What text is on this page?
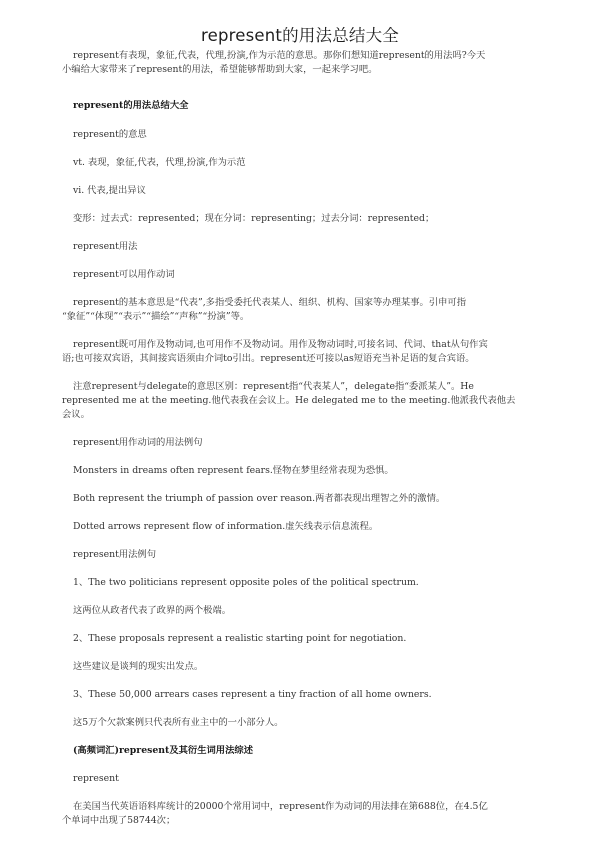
represent的用法总结大全
represent有表现，象征,代表，代理,扮演,作为示范的意思。那你们想知道represent的用法吗?今天
小编给大家带来了represent的用法，希望能够帮助到大家，一起来学习吧。
represent的用法总结大全
represent的意思
vt. 表现，象征,代表，代理,扮演,作为示范
vi. 代表,提出异议
变形：过去式：represented；现在分词：representing；过去分词：represented；
represent用法
represent可以用作动词
represent的基本意思是“代表”,多指受委托代表某人、组织、机构、国家等办理某事。引申可指
“象征”“体现”“表示”“描绘”“声称”“扮演”等。
represent既可用作及物动词,也可用作不及物动词。用作及物动词时,可接名词、代词、that从句作宾
语;也可接双宾语，其间接宾语须由介词to引出。represent还可接以as短语充当补足语的复合宾语。
注意represent与delegate的意思区别：represent指“代表某人”，delegate指“委派某人”。He
represented me at the meeting.他代表我在会议上。He delegated me to the meeting.他派我代表他去
会议。
represent用作动词的用法例句
Monsters in dreams often represent fears.怪物在梦里经常表现为恐惧。
Both represent the triumph of passion over reason.两者都表现出理智之外的激情。
Dotted arrows represent flow of information.虚矢线表示信息流程。
represent用法例句
1、The two politicians represent opposite poles of the political spectrum.
这两位从政者代表了政界的两个极端。
2、These proposals represent a realistic starting point for negotiation.
这些建议是谈判的现实出发点。
3、These 50,000 arrears cases represent a tiny fraction of all home owners.
这5万个欠款案例只代表所有业主中的一小部分人。
(高频词汇)represent及其衍生词用法综述
represent
在美国当代英语语料库统计的20000个常用词中，represent作为动词的用法排在第688位，在4.5亿
个单词中出现了58744次；
